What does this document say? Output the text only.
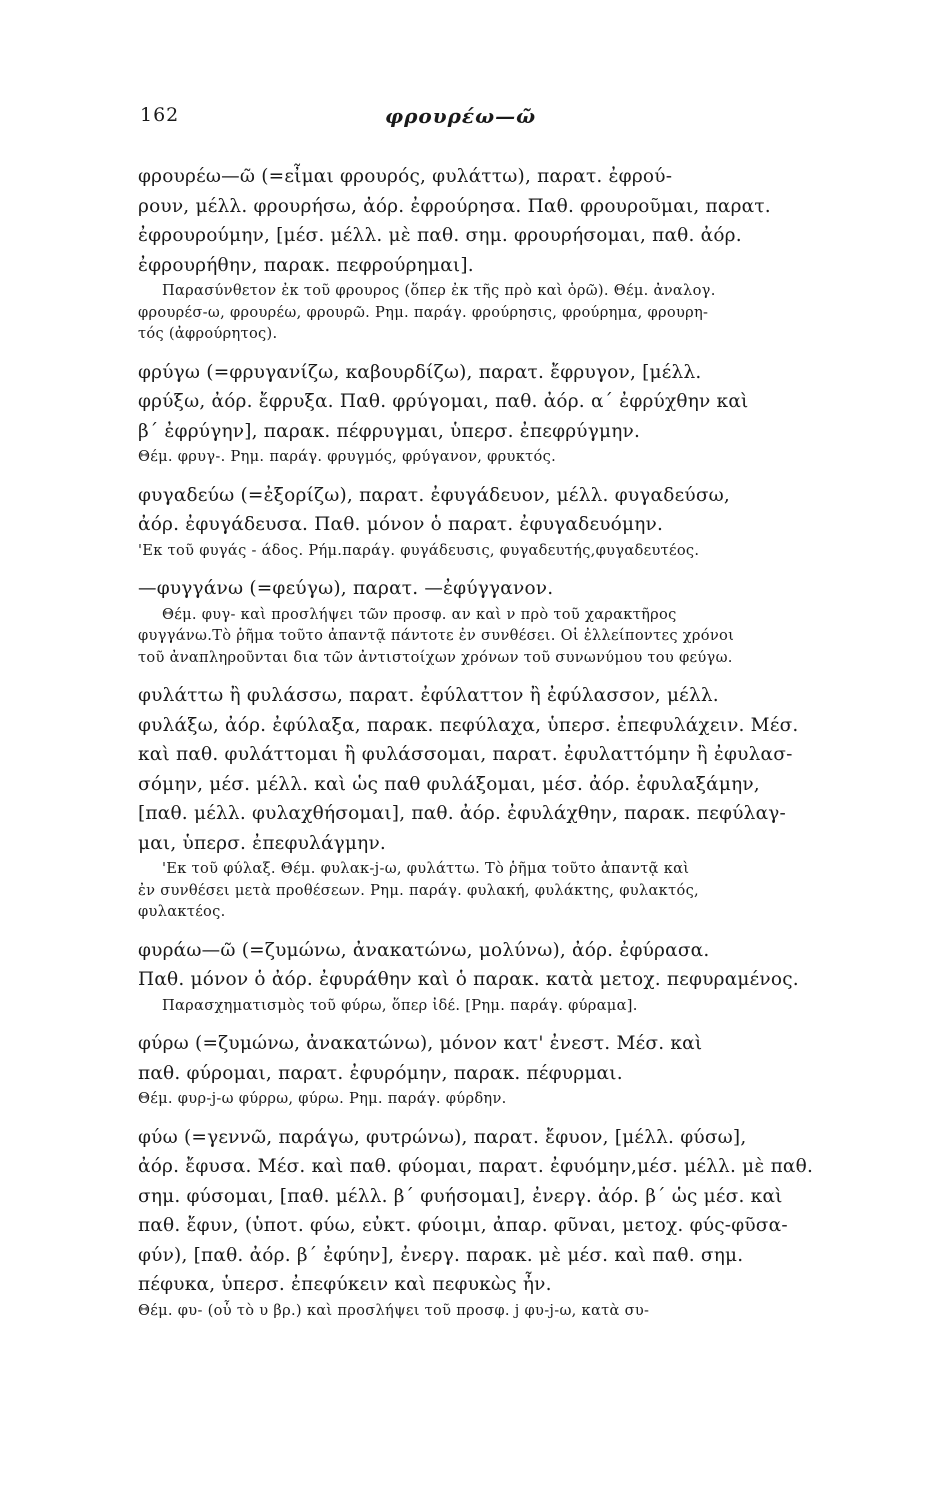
162	φρουρέω—ῶ
φρουρέω—ῶ (=εἶμαι φρουρός, φυλάττω), παρατ. ἐφρού-
ρουν, μέλλ. φρουρήσω, ἀόρ. ἐφρούρησα. Παθ. φρουροῦμαι, παρατ.
ἐφρουρούμην, [μέσ. μέλλ. μὲ παθ. σημ. φρουρήσομαι, παθ. ἀόρ.
ἐφρουρήθην, παρακ. πεφρούρημαι].
Παρασύνθετον ἐκ τοῦ φρουρος (ὅπερ ἐκ τῆς πρὸ καὶ ὁρῶ). Θέμ. ἀναλογ.
φρουρέσ-ω, φρουρέω, φρουρῶ. Ρημ. παράγ. φρούρησις, φρούρημα, φρουρη-
τός (ἀφρούρητος).
φρύγω (=φρυγανίζω, καβουρδίζω), παρατ. ἔφρυγον, [μέλλ.
φρύξω, ἀόρ. ἔφρυξα. Παθ. φρύγομαι, παθ. ἀόρ. α΄ ἐφρύχθην καὶ
β΄ ἐφρύγην], παρακ. πέφρυγμαι, ὑπερσ. ἐπεφρύγμην.
Θέμ. φρυγ-. Ρημ. παράγ. φρυγμός, φρύγανον, φρυκτός.
φυγαδεύω (=ἐξορίζω), παρατ. ἐφυγάδευον, μέλλ. φυγαδεύσω,
ἀόρ. ἐφυγάδευσα. Παθ. μόνον ὁ παρατ. ἐφυγαδευόμην.
'Εκ τοῦ φυγάς - άδος. Ρήμ.παράγ. φυγάδευσις, φυγαδευτής,φυγαδευτέος.
—φυγγάνω (=φεύγω), παρατ. —ἐφύγγανον.
Θέμ. φυγ- καὶ προσλήψει τῶν προσφ. αν καὶ ν πρὸ τοῦ χαρακτῆρος
φυγγάνω.Τὸ ῥῆμα τοῦτο ἀπαντᾷ πάντοτε ἐν συνθέσει. Οἱ ἐλλείποντες χρόνοι
τοῦ ἀναπληροῦνται δια τῶν ἀντιστοίχων χρόνων τοῦ συνωνύμου του φεύγω.
φυλάττω ἢ φυλάσσω, παρατ. ἐφύλαττον ἢ ἐφύλασσον, μέλλ.
φυλάξω, ἀόρ. ἐφύλαξα, παρακ. πεφύλαχα, ὑπερσ. ἐπεφυλάχειν. Μέσ.
καὶ παθ. φυλάττομαι ἢ φυλάσσομαι, παρατ. ἐφυλαττόμην ἢ ἐφυλασ-
σόμην, μέσ. μέλλ. καὶ ὡς παθ φυλάξομαι, μέσ. ἀόρ. ἐφυλαξάμην,
[παθ. μέλλ. φυλαχθήσομαι], παθ. ἀόρ. ἐφυλάχθην, παρακ. πεφύλαγ-
μαι, ὑπερσ. ἐπεφυλάγμην.
'Εκ τοῦ φύλαξ. Θέμ. φυλακ-j-ω, φυλάττω. Τὸ ῥῆμα τοῦτο ἀπαντᾷ καὶ
ἐν συνθέσει μετὰ προθέσεων. Ρημ. παράγ. φυλακή, φυλάκτης, φυλακτός,
φυλακτέος.
φυράω—ῶ (=ζυμώνω, ἀνακατώνω, μολύνω), ἀόρ. ἐφύρασα.
Παθ. μόνον ὁ ἀόρ. ἐφυράθην καὶ ὁ παρακ. κατὰ μετοχ. πεφυραμένος.
Παρασχηματισμὸς τοῦ φύρω, ὅπερ ἰδέ. [Ρημ. παράγ. φύραμα].
φύρω (=ζυμώνω, ἀνακατώνω), μόνον κατ' ἐνεστ. Μέσ. καὶ
παθ. φύρομαι, παρατ. ἐφυρόμην, παρακ. πέφυρμαι.
Θέμ. φυρ-j-ω φύρρω, φύρω. Ρημ. παράγ. φύρδην.
φύω (=γεννῶ, παράγω, φυτρώνω), παρατ. ἔφυον, [μέλλ. φύσω],
ἀόρ. ἔφυσα. Μέσ. καὶ παθ. φύομαι, παρατ. ἐφυόμην,μέσ. μέλλ. μὲ παθ.
σημ. φύσομαι, [παθ. μέλλ. β΄ φυήσομαι], ἐνεργ. ἀόρ. β΄ ὡς μέσ. καὶ
παθ. ἔφυν, (ὑποτ. φύω, εὐκτ. φύοιμι, ἀπαρ. φῦναι, μετοχ. φύς-φῦσα-
φύν), [παθ. ἀόρ. β΄ ἐφύην], ἐνεργ. παρακ. μὲ μέσ. καὶ παθ. σημ.
πέφυκα, ὑπερσ. ἐπεφύκειν καὶ πεφυκὼς ἦν.
Θέμ. φυ- (οὗ τὸ υ βρ.) καὶ προσλήψει τοῦ προσφ. j φυ-j-ω, κατὰ συ-
